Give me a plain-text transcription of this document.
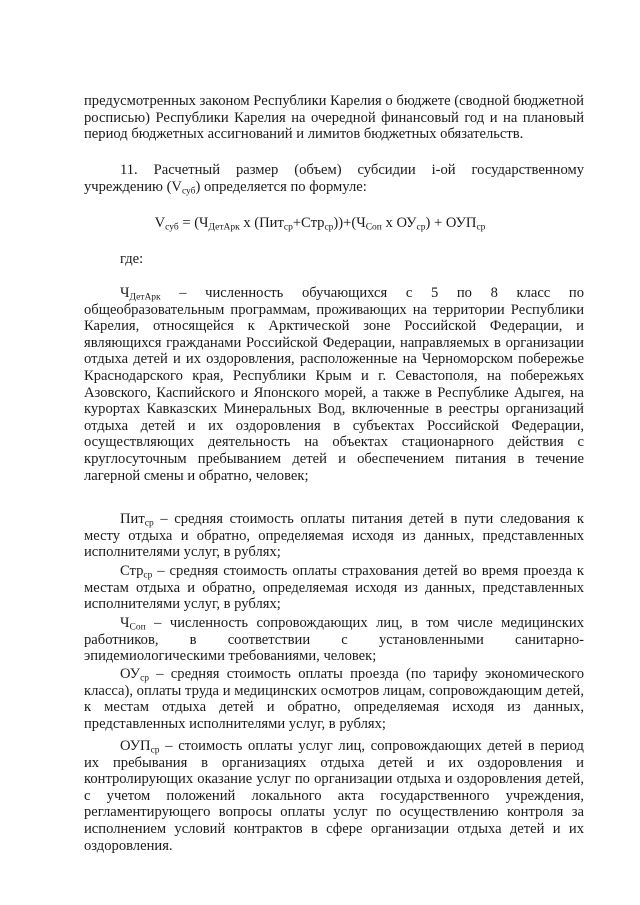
предусмотренных законом Республики Карелия о бюджете (сводной бюджетной росписью) Республики Карелия на очередной финансовый год и на плановый период бюджетных ассигнований и лимитов бюджетных обязательств.

11. Расчетный размер (объем) субсидии i-ой государственному учреждению $(V_{суб})$ определяется по формуле:

$V_{суб} = (Ч_{ДетАрк}$ х $(Пит_{ср}+Стр_{ср}))+(Ч_{Соп}$ х $ОУ_{ср}) + ОУП_{ср}$

где:

$Ч_{ДетАрк}$ – численность обучающихся с 5 по 8 класс по общеобразовательным программам, проживающих на территории Республики Карелия, относящейся к Арктической зоне Российской Федерации, и являющихся гражданами Российской Федерации, направляемых в организации отдыха детей и их оздоровления, расположенные на Черноморском побережье Краснодарского края, Республики Крым и г. Севастополя, на побережьях Азовского, Каспийского и Японского морей, а также в Республике Адыгея, на курортах Кавказских Минеральных Вод, включенные в реестры организаций отдыха детей и их оздоровления в субъектах Российской Федерации, осуществляющих деятельность на объектах стационарного действия с круглосуточным пребыванием детей и обеспечением питания в течение лагерной смены и обратно, человек;

Пит$_{ср}$ – средняя стоимость оплаты питания детей в пути следования к месту отдыха и обратно, определяемая исходя из данных, представленных исполнителями услуг, в рублях;

Стр$_{ср}$ – средняя стоимость оплаты страхования детей во время проезда к местам отдыха и обратно, определяемая исходя из данных, представленных исполнителями услуг, в рублях;

$Ч_{Соп}$ – численность сопровождающих лиц, в том числе медицинских работников, в соответствии с установленными санитарно-эпидемиологическими требованиями, человек;

$ОУ_{ср}$ – средняя стоимость оплаты проезда (по тарифу экономического класса), оплаты труда и медицинских осмотров лицам, сопровождающим детей, к местам отдыха детей и обратно, определяемая исходя из данных, представленных исполнителями услуг, в рублях;

$ОУП_{ср}$ – стоимость оплаты услуг лиц, сопровождающих детей в период их пребывания в организациях отдыха детей и их оздоровления и контролирующих оказание услуг по организации отдыха и оздоровления детей, с учетом положений локального акта государственного учреждения, регламентирующего вопросы оплаты услуг по осуществлению контроля за исполнением условий контрактов в сфере организации отдыха детей и их оздоровления.
